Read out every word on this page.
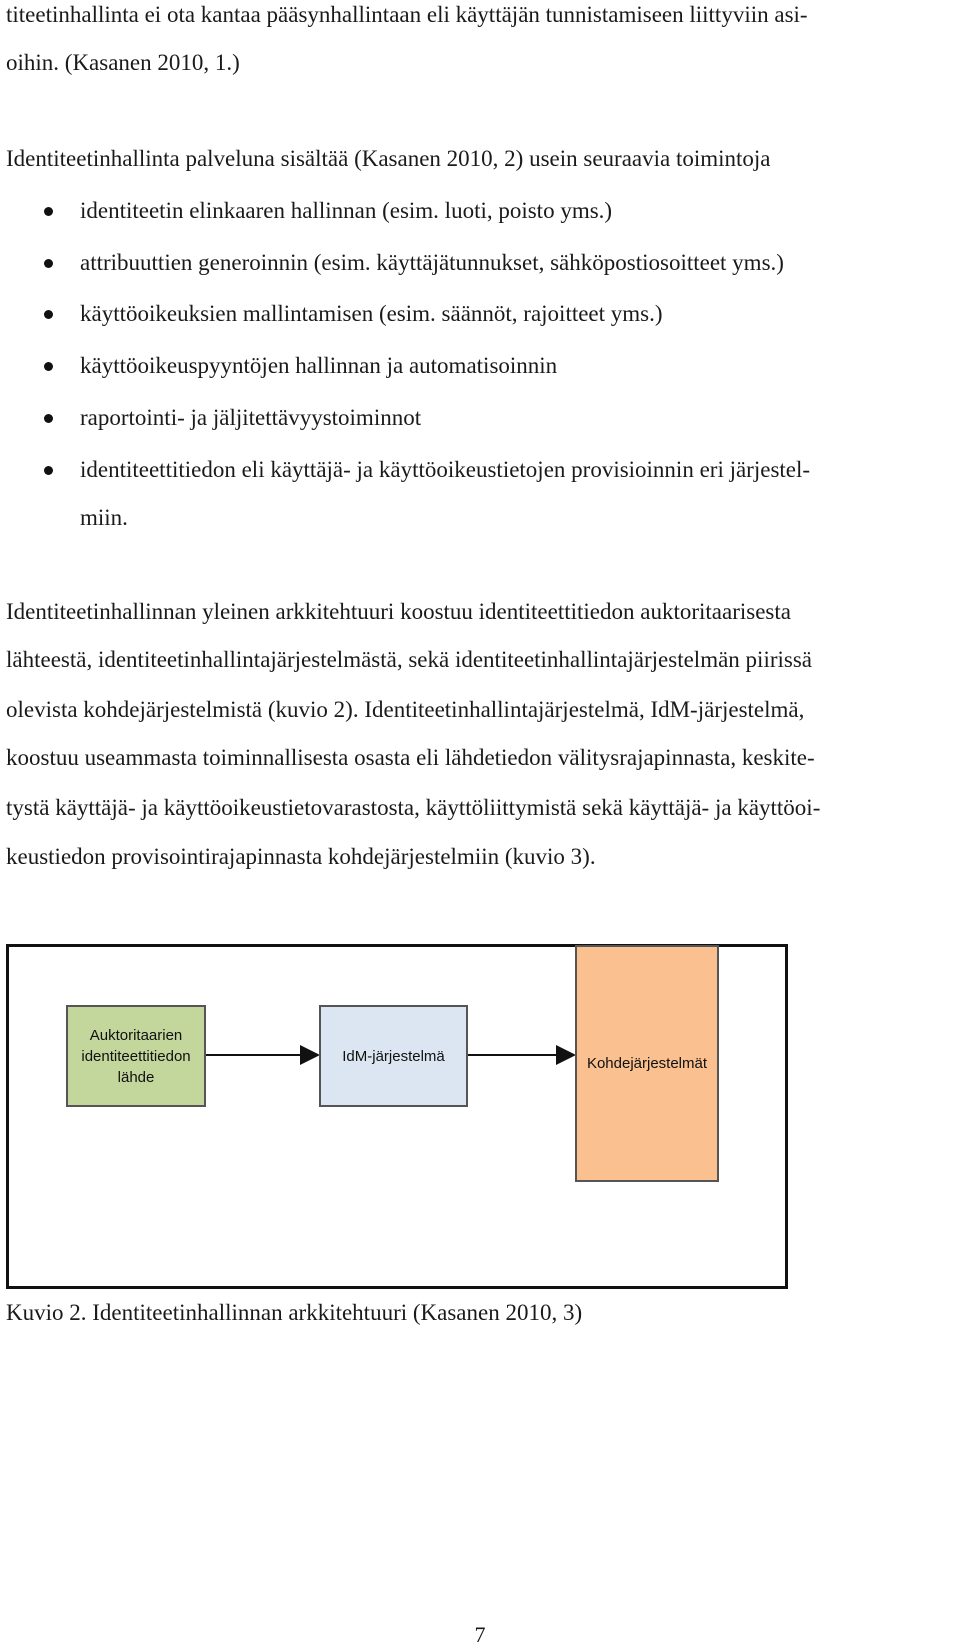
titeetinhallinta ei ota kantaa pääsynhallintaan eli käyttäjän tunnistamiseen liittyviin asi-
oihin. (Kasanen 2010, 1.)
Identiteetinhallinta palveluna sisältää (Kasanen 2010, 2) usein seuraavia toimintoja
identiteetin elinkaaren hallinnan (esim. luoti, poisto yms.)
attribuuttien generoinnin (esim. käyttäjätunnukset, sähköpostiosoitteet yms.)
käyttöoikeuksien mallintamisen (esim. säännöt, rajoitteet yms.)
käyttöoikeuspyyntöjen hallinnan ja automatisoinnin
raportointi- ja jäljitettävyystoiminnot
identiteettitiedon eli käyttäjä- ja käyttöoikeustietojen provisioinnin eri järjestel-
miin.
Identiteetinhallinnan yleinen arkkitehtuuri koostuu identiteettitiedon auktoritaarisesta
lähteestä, identiteetinhallintajärjestelmästä, sekä identiteetinhallintajärjestelmän piirissä
olevista kohdejärjestelmistä (kuvio 2). Identiteetinhallintajärjestelmä, IdM-järjestelmä,
koostuu useammasta toiminnallisesta osasta eli lähdetiedon välitysrajapinnasta, keskite-
tystä käyttäjä- ja käyttöoikeustietovarastosta, käyttöliittymistä sekä käyttäjä- ja käyttöoi-
keustiedon provisointirajapinnasta kohdejärjestelmiin (kuvio 3).
Auktoritaarien
identiteettitiedon
lähde
IdM-järjestelmä	Kohdejärjestelmät
Kuvio 2. Identiteetinhallinnan arkkitehtuuri (Kasanen 2010, 3)
7
